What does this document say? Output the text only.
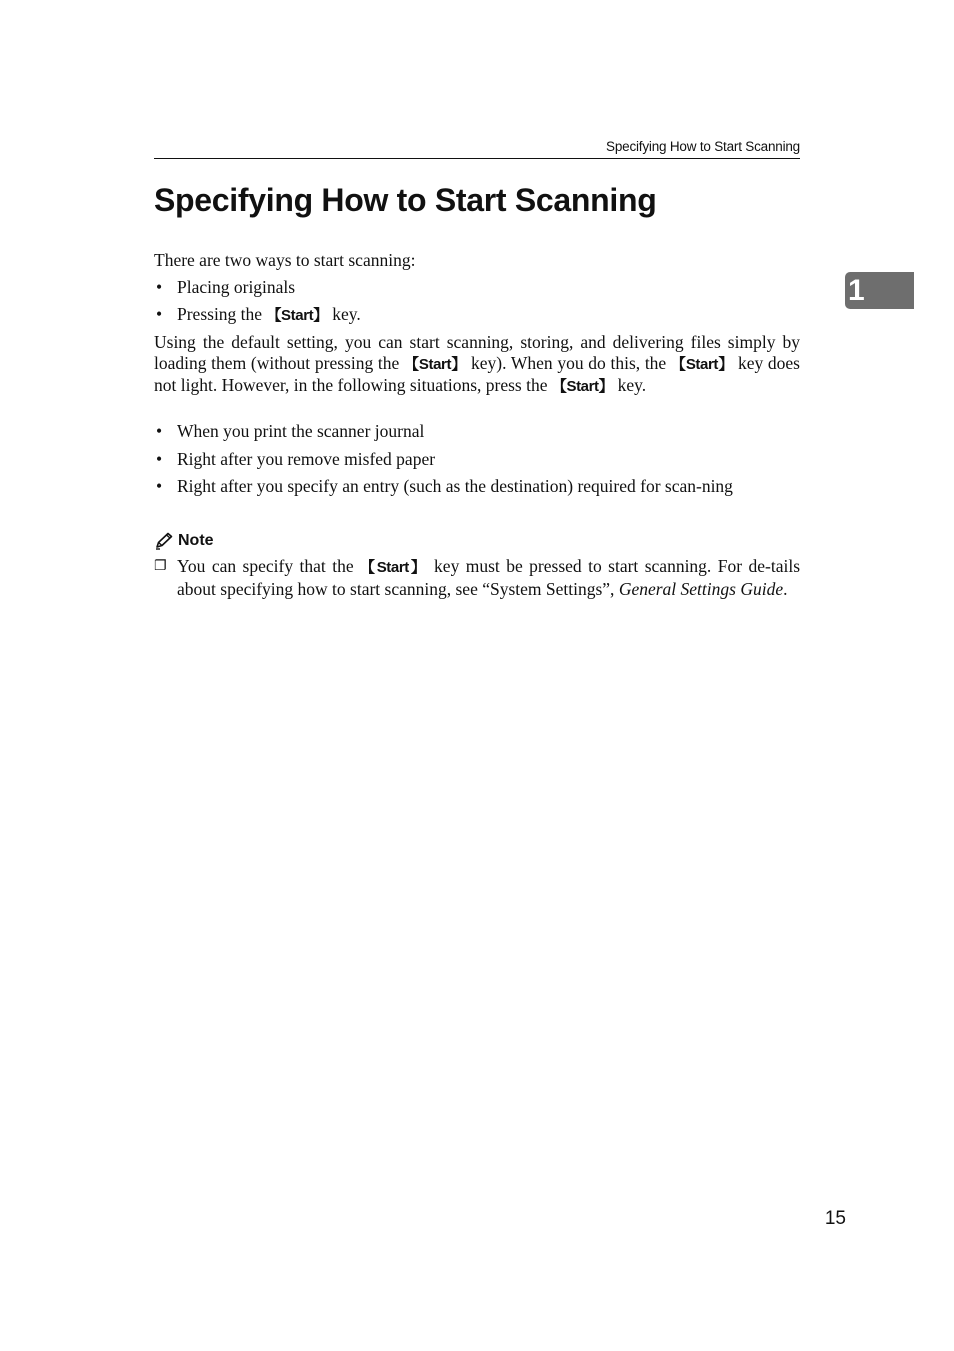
Specifying How to Start Scanning
Specifying How to Start Scanning
1
There are two ways to start scanning:
• Placing originals
• Pressing the 【Start】 key.
Using the default setting, you can start scanning, storing, and delivering files simply by loading them (without pressing the 【Start】 key). When you do this, the 【Start】 key does not light. However, in the following situations, press the 【Start】 key.
• When you print the scanner journal
• Right after you remove misfed paper
• Right after you specify an entry (such as the destination) required for scan-ning
Note
❐ You can specify that the 【Start】 key must be pressed to start scanning. For de-tails about specifying how to start scanning, see “System Settings”, General Settings Guide.
15
